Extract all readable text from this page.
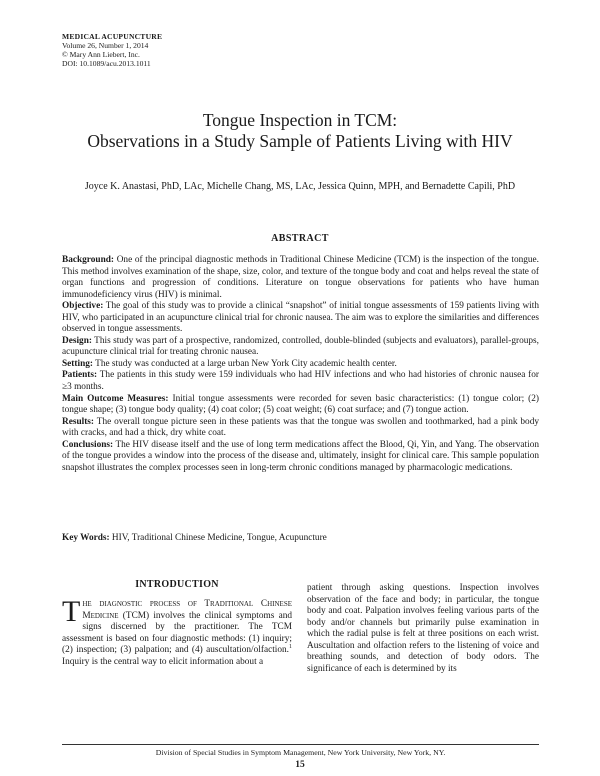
MEDICAL ACUPUNCTURE
Volume 26, Number 1, 2014
© Mary Ann Liebert, Inc.
DOI: 10.1089/acu.2013.1011
Tongue Inspection in TCM:
Observations in a Study Sample of Patients Living with HIV
Joyce K. Anastasi, PhD, LAc, Michelle Chang, MS, LAc, Jessica Quinn, MPH, and Bernadette Capili, PhD
ABSTRACT

Background: One of the principal diagnostic methods in Traditional Chinese Medicine (TCM) is the inspection of the tongue. This method involves examination of the shape, size, color, and texture of the tongue body and coat and helps reveal the state of organ functions and progression of conditions. Literature on tongue observations for patients who have human immunodeficiency virus (HIV) is minimal.

Objective: The goal of this study was to provide a clinical “snapshot” of initial tongue assessments of 159 patients living with HIV, who participated in an acupuncture clinical trial for chronic nausea. The aim was to explore the similarities and differences observed in tongue assessments.

Design: This study was part of a prospective, randomized, controlled, double-blinded (subjects and evaluators), parallel-groups, acupuncture clinical trial for treating chronic nausea.

Setting: The study was conducted at a large urban New York City academic health center.

Patients: The patients in this study were 159 individuals who had HIV infections and who had histories of chronic nausea for ≥3 months.

Main Outcome Measures: Initial tongue assessments were recorded for seven basic characteristics: (1) tongue color; (2) tongue shape; (3) tongue body quality; (4) coat color; (5) coat weight; (6) coat surface; and (7) tongue action.

Results: The overall tongue picture seen in these patients was that the tongue was swollen and toothmarked, had a pink body with cracks, and had a thick, dry white coat.

Conclusions: The HIV disease itself and the use of long term medications affect the Blood, Qi, Yin, and Yang. The observation of the tongue provides a window into the process of the disease and, ultimately, insight for clinical care. This sample population snapshot illustrates the complex processes seen in long-term chronic conditions managed by pharmacologic medications.

Key Words: HIV, Traditional Chinese Medicine, Tongue, Acupuncture
INTRODUCTION

The diagnostic process of Traditional Chinese Medicine (TCM) involves the clinical symptoms and signs discerned by the practitioner. The TCM assessment is based on four diagnostic methods: (1) inquiry; (2) inspection; (3) palpation; and (4) auscultation/olfaction.$^1$ Inquiry is the central way to elicit information about a

patient through asking questions. Inspection involves observation of the face and body; in particular, the tongue body and coat. Palpation involves feeling various parts of the body and/or channels but primarily pulse examination in which the radial pulse is felt at three positions on each wrist. Auscultation and olfaction refers to the listening of voice and breathing sounds, and detection of body odors. The significance of each is determined by its

Division of Special Studies in Symptom Management, New York University, New York, NY.
15
